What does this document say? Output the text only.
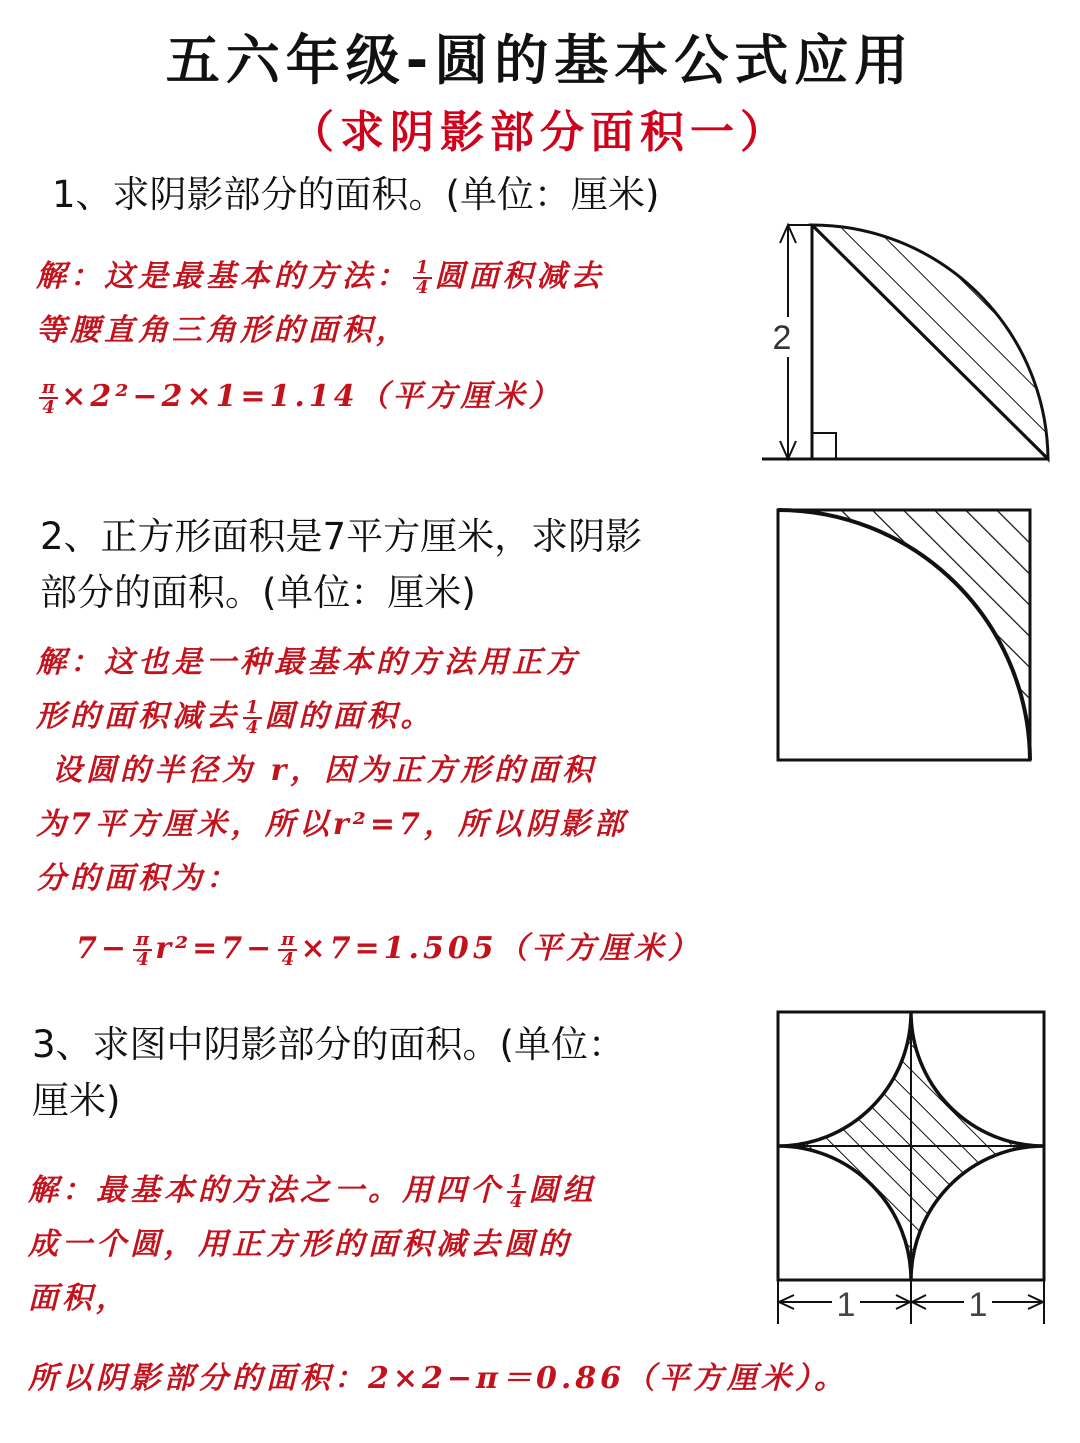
五六年级-圆的基本公式应用
（求阴影部分面积一）
1、求阴影部分的面积。(单位：厘米)
解：这是最基本的方法： $\frac{1}{4}$ 圆面积减去
等腰直角三角形的面积，
$\frac{\pi}{4} \times 2^2-2\times 1=1.14$（平方厘米）
2
2、正方形面积是7平方厘米，求阴影
部分的面积。(单位：厘米)
解：这也是一种最基本的方法用正方
形的面积减去 $\frac{1}{4}$ 圆的面积。
设圆的半径为 r，因为正方形的面积
为7平方厘米，所以r²=7，所以阴影部
分的面积为：
$7- \frac{\pi}{4} r^2=7- \frac{\pi}{4} \times 7=1.505$（平方厘米）
3、求图中阴影部分的面积。(单位：
厘米)
解：最基本的方法之一。用四个 $\frac{1}{4}$ 圆组
成一个圆，用正方形的面积减去圆的
面积，
所以阴影部分的面积：2×2−π＝0.86（平方厘米）。
1	1
